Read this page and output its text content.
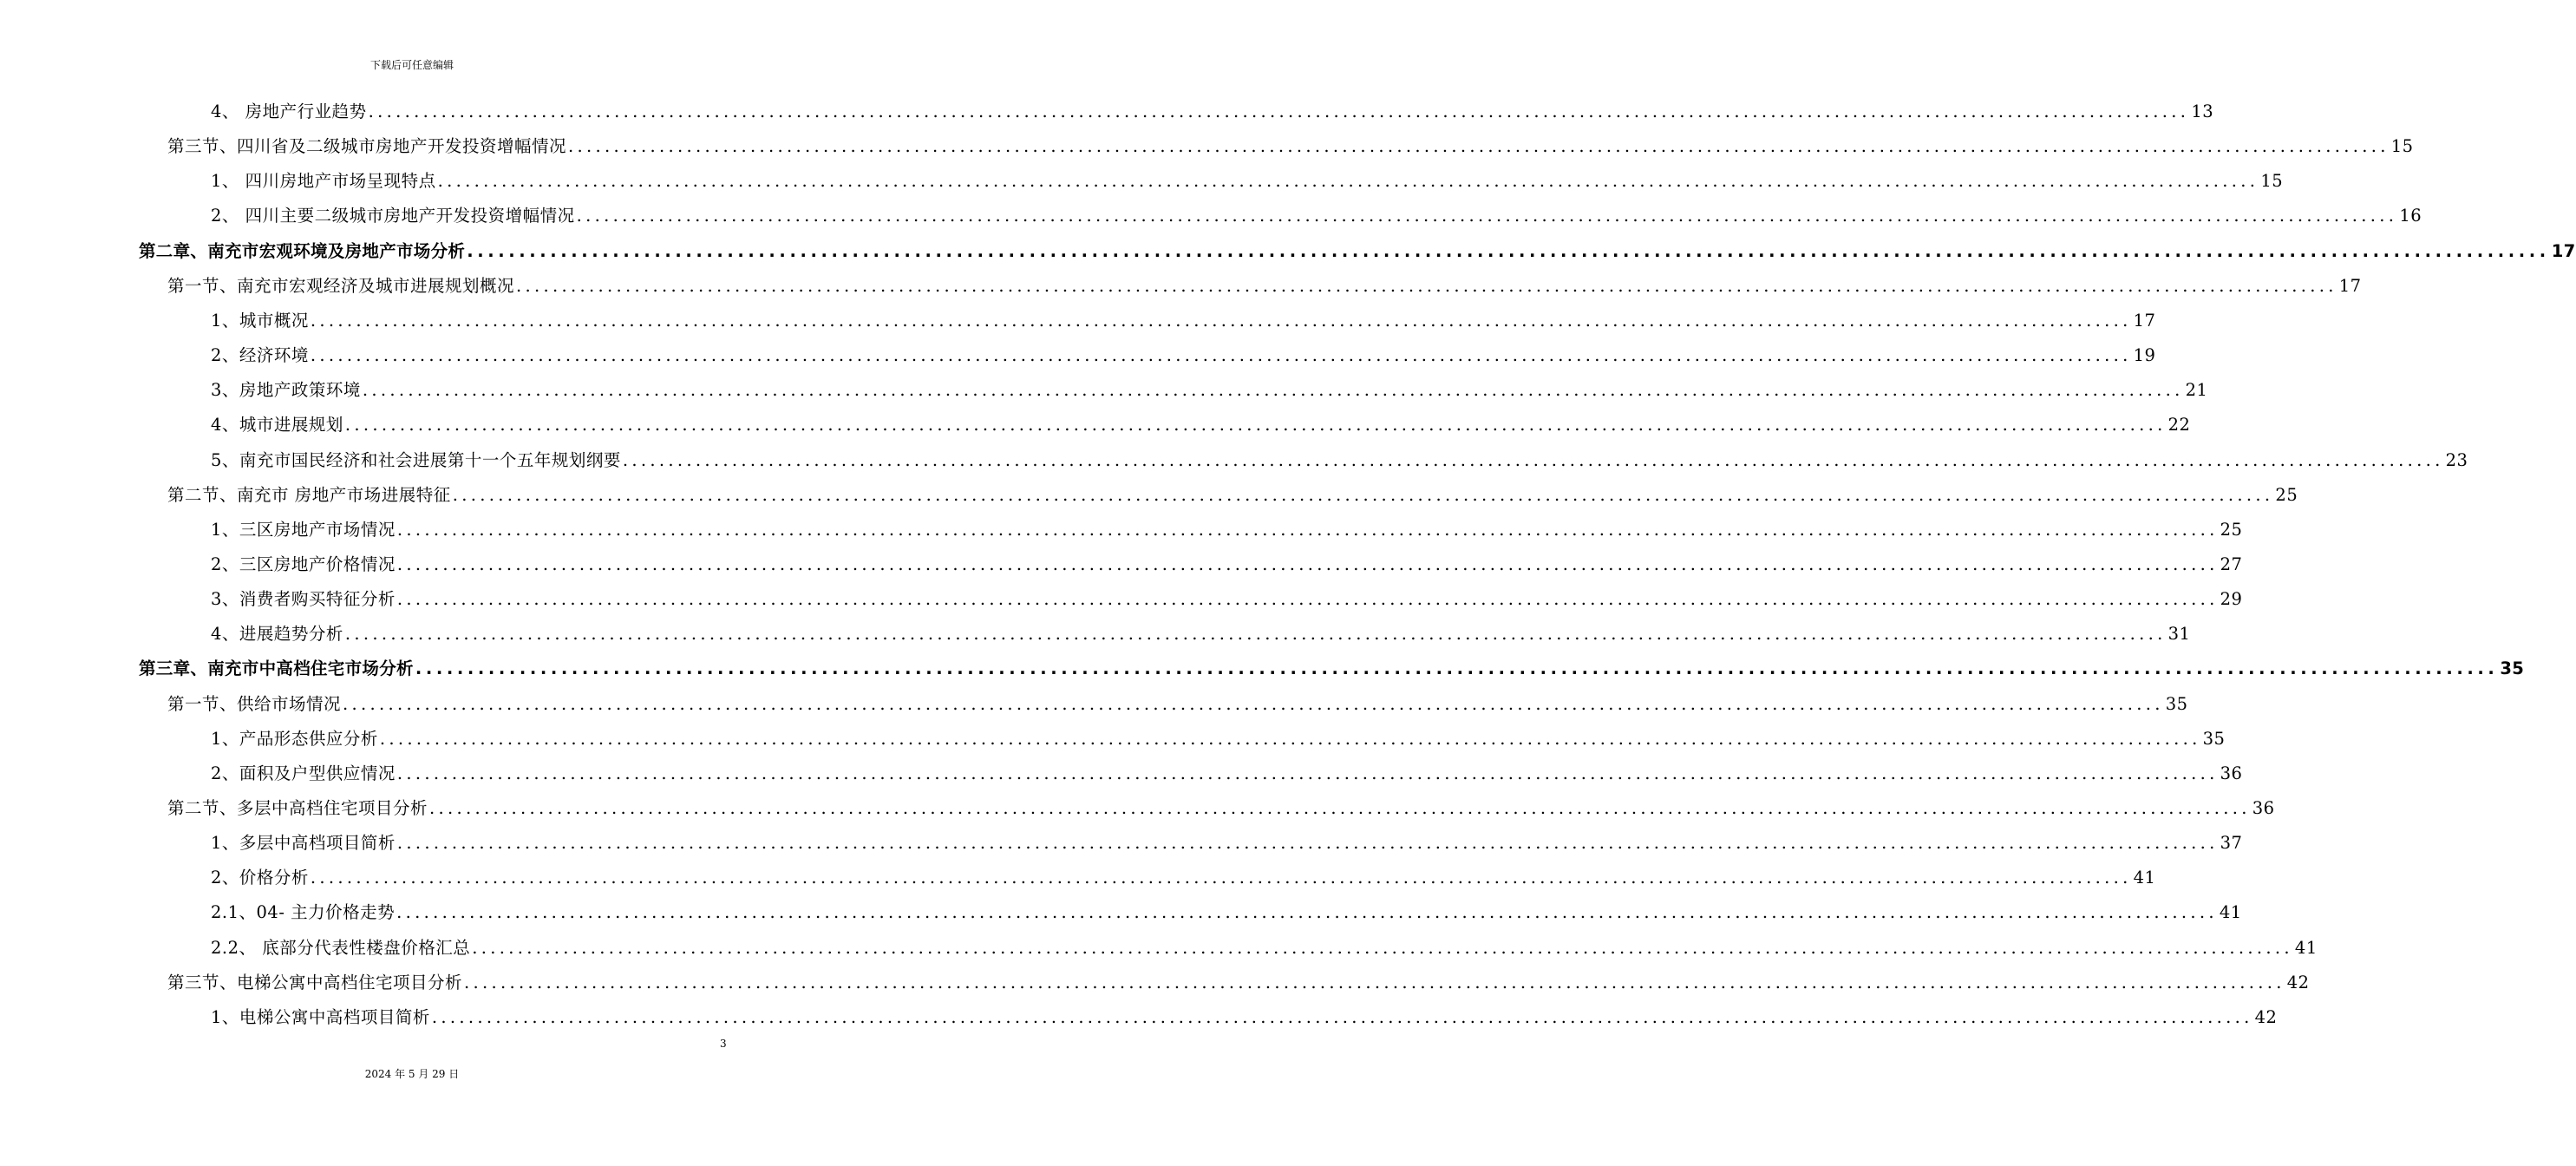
下载后可任意编辑
4、 房地产行业趋势 ........................................................................................................................................................................................................ 13
第三节、四川省及二级城市房地产开发投资增幅情况 ........................................................................................................................................................................................................ 15
1、 四川房地产市场呈现特点 ........................................................................................................................................................................................................ 15
2、 四川主要二级城市房地产开发投资增幅情况 ........................................................................................................................................................................................................ 16
第二章、南充市宏观环境及房地产市场分析 ........................................................................................................................................................................................................ 17
第一节、南充市宏观经济及城市进展规划概况 ........................................................................................................................................................................................................ 17
1、城市概况 ........................................................................................................................................................................................................ 17
2、经济环境 ........................................................................................................................................................................................................ 19
3、房地产政策环境 ........................................................................................................................................................................................................ 21
4、城市进展规划 ........................................................................................................................................................................................................ 22
5、南充市国民经济和社会进展第十一个五年规划纲要 ........................................................................................................................................................................................................ 23
第二节、南充市 房地产市场进展特征 ........................................................................................................................................................................................................ 25
1、三区房地产市场情况 ........................................................................................................................................................................................................ 25
2、三区房地产价格情况 ........................................................................................................................................................................................................ 27
3、消费者购买特征分析 ........................................................................................................................................................................................................ 29
4、进展趋势分析 ........................................................................................................................................................................................................ 31
第三章、南充市中高档住宅市场分析 ........................................................................................................................................................................................................ 35
第一节、供给市场情况 ........................................................................................................................................................................................................ 35
1、产品形态供应分析 ........................................................................................................................................................................................................ 35
2、面积及户型供应情况 ........................................................................................................................................................................................................ 36
第二节、多层中高档住宅项目分析 ........................................................................................................................................................................................................ 36
1、多层中高档项目简析 ........................................................................................................................................................................................................ 37
2、价格分析 ........................................................................................................................................................................................................ 41
2.1、04- 主力价格走势 ........................................................................................................................................................................................................ 41
2.2、 底部分代表性楼盘价格汇总 ........................................................................................................................................................................................................ 41
第三节、电梯公寓中高档住宅项目分析 ........................................................................................................................................................................................................ 42
1、电梯公寓中高档项目简析 ........................................................................................................................................................................................................ 42
3
2024 年 5 月 29 日
